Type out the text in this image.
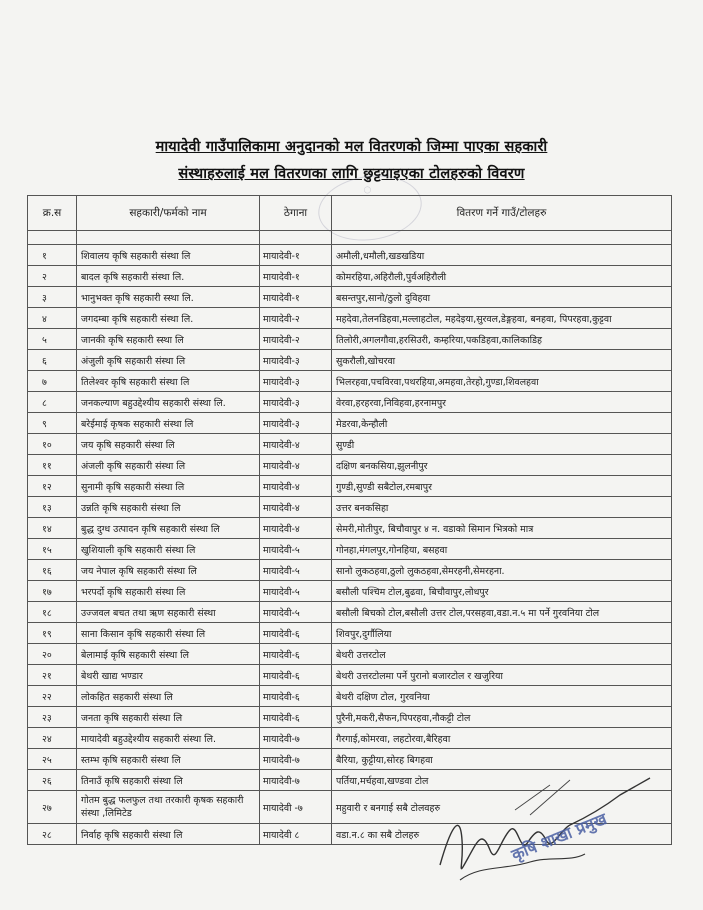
मायादेवी गाउँपालिकामा अनुदानको मल वितरणको जिम्मा पाएका सहकारी
संस्थाहरुलाई मल वितरणका लागि छुट्टयाइएका टोलहरुको विवरण
○
क्र.स	सहकारी/फर्मको नाम	ठेगाना	वितरण गर्ने गाउँ/टोलहरु

१	शिवालय कृषि सहकारी संस्था लि	मायादेवी-१	अमौली,धमौली,खडखडिया
२	बादल कृषि सहकारी संस्था लि.	मायादेवी-१	कोमरहिया,अहिरौली,पुर्वअहिरौली
३	भानुभक्त कृषि सहकारी स्स्था लि.	मायादेवी-१	बसन्तपुर,सानो/ठुलो दुविहवा
४	जगदम्बा कृषि सहकारी संस्था लि.	मायादेवी-२	महदेवा,तेलनडिहवा,मल्लाहटोल, महदेइया,सुरवल,डेङ्गहवा, बनहवा, पिपरहवा,कुट्टवा
५	जानकी कृषि सहकारी स्स्था लि	मायादेवी-२	तिलोरी,अगलगौवा,हरसिउरी, कम्हरिया,पकडिहवा,कालिकाडिह
६	अंजुली कृषि सहकारी संस्था लि	मायादेवी-३	सुकरौली,खोचरवा
७	तिलेश्वर कृषि सहकारी संस्था लि	मायादेवी-३	भिलरहवा,पचविरवा,पथरहिया,अमहवा,तेरहो,गुण्डा,शिवलहवा
८	जनकल्याण बहुउद्देश्यीय सहकारी संस्था लि.	मायादेवी-३	वेरवा,हरहरवा,निविहवा,हरनामपुर
९	बरेईमाई कृषक सहकारी संस्था लि	मायादेवी-३	मेडरवा,केन्हौली
१०	जय कृषि सहकारी संस्था लि	मायादेवी-४	सुण्डी
११	अंजली कृषि सहकारी संस्था लि	मायादेवी-४	दक्षिण बनकसिया,झुलनीपुर
१२	सुनामी कृषि सहकारी संस्था लि	मायादेवी-४	गुण्डी,सुण्डी सबैटोल,रमबापुर
१३	उन्नति कृषि सहकारी संस्था लि	मायादेवी-४	उत्तर बनकसिहा
१४	बुद्ध दुग्ध उत्पादन कृषि सहकारी संस्था लि	मायादेवी-४	सेमरी,मोतीपुर, बिचौवापुर ४ न. वडाको सिमान भित्रको मात्र
१५	खुशियाली कृषि सहकारी संस्था लि	मायादेवी-५	गोनहा,मंगलपुर,गोनहिया, बसहवा
१६	जय नेपाल कृषि सहकारी संस्था लि	मायादेवी-५	सानो लुकठहवा,ठुलो लुकठहवा,सेमरहनी,सेमरहना.
१७	भरपर्दो कृषि सहकारी संस्था लि	मायादेवी-५	बसौली पश्चिम टोल,बुढवा, बिचौवापुर,लोधपुर
१८	उज्जवल बचत तथा ऋण सहकारी संस्था	मायादेवी-५	बसौली बिचको टोल,बसौली उत्तर टोल,परसहवा,वडा.न.५ मा पर्ने गुरवनिया टोल
१९	साना किसान कृषि सहकारी संस्था लि	मायादेवी-६	शिवपुर,दुर्गौलिया
२०	बेलामाई कृषि सहकारी संस्था लि	मायादेवी-६	बेथरी उत्तरटोल
२१	बेथरी खाद्य भण्डार	मायादेवी-६	बेथरी उत्तरटोलमा पर्ने पुरानो बजारटोल र खजुरिया
२२	लोकहित सहकारी संस्था लि	मायादेवी-६	बेथरी दक्षिण टोल, गुरवनिया
२३	जनता कृषि सहकारी संस्था लि	मायादेवी-६	पुरैनी,मकरी,सैफन,पिपरहवा,नौकट्टी टोल
२४	मायादेवी बहुउद्देश्यीय सहकारी संस्था लि.	मायादेवी-७	गैरगाई,कोमरवा, लहटोरवा,बैरिहवा
२५	स्तम्भ कृषि सहकारी संस्था लि	मायादेवी-७	बैरिया, कुट्टीया,सोरह बिगहवा
२६	तिनाउँ कृषि सहकारी संस्था लि	मायादेवी-७	पर्तिया,मर्चहवा,खण्डवा टोल
२७	गोतम बुद्ध फलफुल तथा तरकारी कृषक सहकारी संस्था ,लिमिटेड	मायादेवी -७	महुवारी र बनगाई सबै टोलवहरु
२८	निर्वाह कृषि सहकारी संस्था लि	मायादेवी ८	वडा.न.८ का सबै टोलहरु	कृषि शाखा प्रमुख
